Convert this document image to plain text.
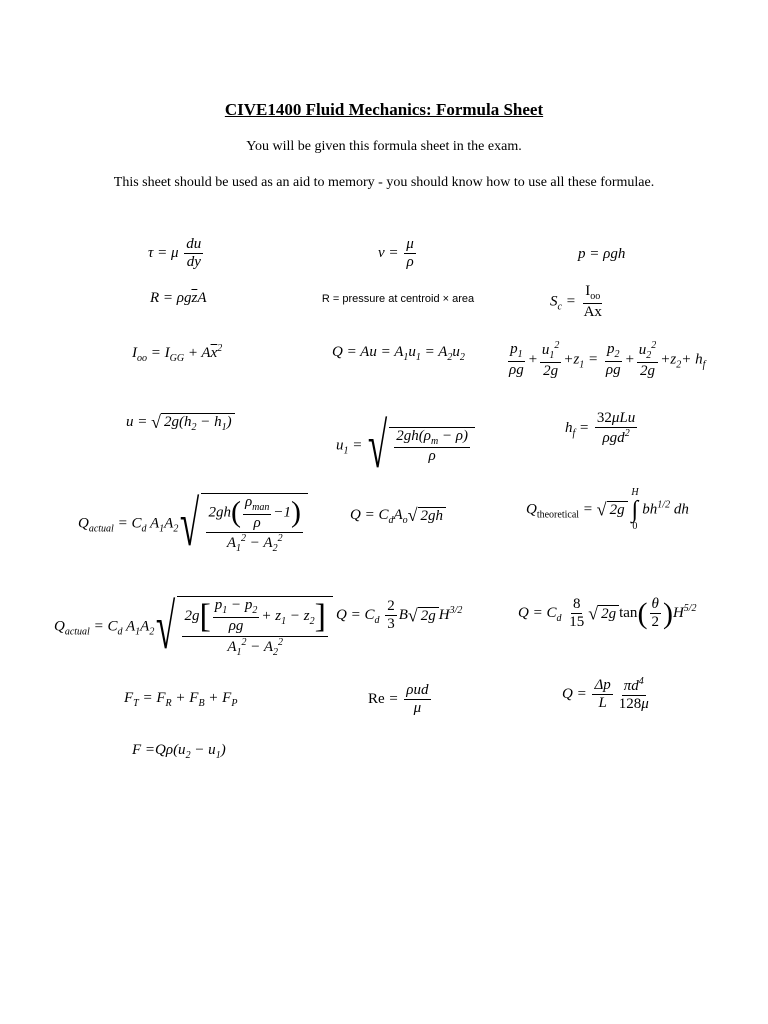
CIVE1400 Fluid Mechanics: Formula Sheet
You will be given this formula sheet in the exam.
This sheet should be used as an aid to memory - you should know how to use all these formulae.
τ = μ $\frac{du}{dy}$	$\nu = \frac{\mu}{\rho}$	p = ρgh
$R = \rho g\overline{z}A$	R = pressure at centroid × area	$S_c$ =
$I_{oo}$
$A\overline{x}$
$I_{oo} = I_{GG} + A\overline{x}^2$	$Q = Au = A_1u_1 = A_2u_2$	$\frac{p_1}{\rho g} + \frac{u_1^2}{2g} +z_1 = \frac{p_2}{\rho g} + \frac{u_2^2}{2g} +z_2+ h_f$
u = √ $2g(h_2 - h_1)$
$u_1$ = √ $\frac{2gh(\rho_m - \rho)}{\rho}$	$h_f$ =
32μLu
ρgd$^2$
$Q_{actual} = C_d$ $A_1A_2√$ 2gh( $\rho_{man}$
ρ
−1)
$A_1^2 - A_2^2$
$Q = C_dA_o√$ 2gh	$Q_{theoretical}$ = √ 2g
H
∫
0
$bh^{1/2}$ dh
$Q_{actual} = C_d$ $A_1A_2√ \frac{2g[ \frac{p_1 - p_2}{\rho g} + z_1 - z_2]}{A_1^2 - A_2^2}$ $Q = C_d \frac{2}{3} B√$ 2g $H^{3/2}$	$Q = C_d \frac{8}{15}$ √ 2g $\tan( \frac{\theta}{2} )H^{5/2}$
$F_T = F_R + F_B + F_P$	Re =
ρud
μ
$Q = \frac{\Delta p}{L} \frac{\pi d^4}{128\mu}$
$F =Q\rho(u_2 - u_1)$
